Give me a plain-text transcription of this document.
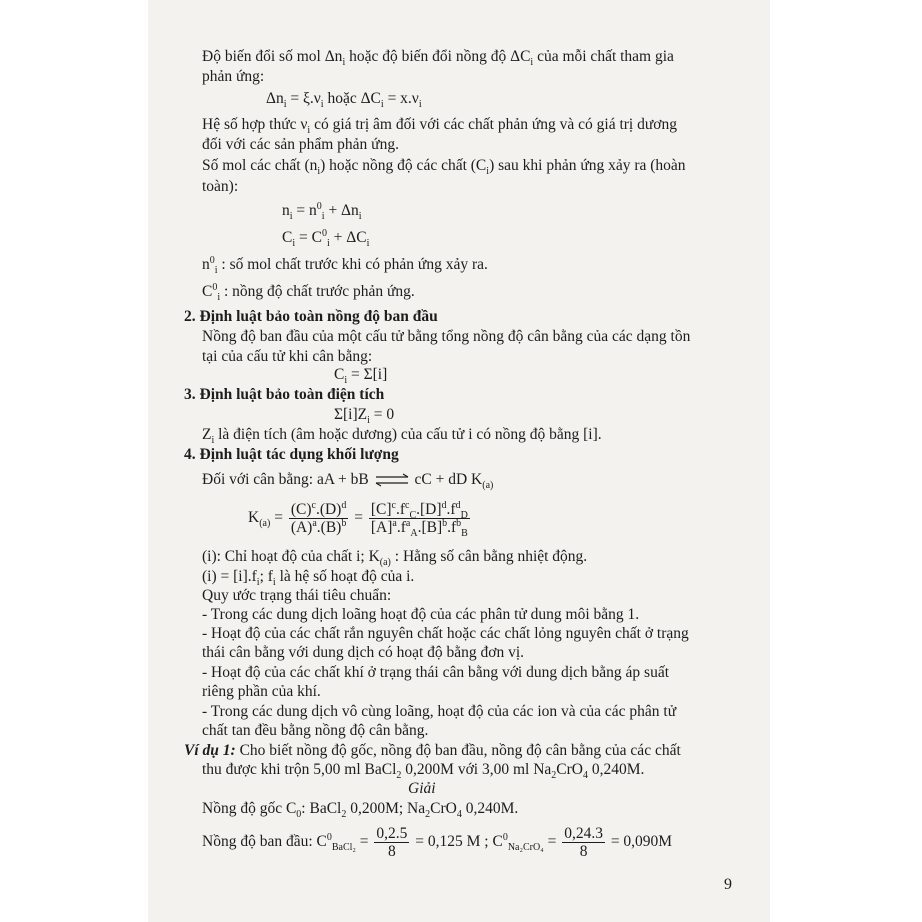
Độ biến đổi số mol $\Delta n_i$ hoặc độ biến đổi nồng độ $\Delta C_i$ của mỗi chất tham gia
phản ứng:
$\Delta n_i = \xi.\nu_i$ hoặc $\Delta C_i = x.\nu_i$
Hệ số hợp thức $\nu_i$ có giá trị âm đối với các chất phản ứng và có giá trị dương
đối với các sản phẩm phản ứng.
Số mol các chất $(n_i)$ hoặc nồng độ các chất $(C_i)$ sau khi phản ứng xảy ra (hoàn
toàn):
$n_i = n^0_i + \Delta n_i$
$C_i = C^0_i + \Delta C_i$
$n^0_i$ : số mol chất trước khi có phản ứng xảy ra.
$C^0_i$ : nồng độ chất trước phản ứng.
2. Định luật bảo toàn nồng độ ban đầu
Nồng độ ban đầu của một cấu tử bằng tổng nồng độ cân bằng của các dạng tồn
tại của cấu tử khi cân bằng:
$C_i = \Sigma[i]$
3. Định luật bảo toàn điện tích
$\Sigma[i]Z_i = 0$
$Z_i$ là điện tích (âm hoặc dương) của cấu tử i có nồng độ bằng [i].
4. Định luật tác dụng khối lượng
Đối với cân bằng: aA + bB ⇌ cC + dD $K_{(a)}$
$K_{(a)} = \frac{(C)^c.(D)^d}{(A)^a.(B)^b} = \frac{[C]^c.f^c_C.[D]^d.f^d_D}{[A]^a.f^a_A.[B]^b.f^b_B}$
(i): Chỉ hoạt độ của chất i; $K_{(a)}$ : Hằng số cân bằng nhiệt động.
$(i) = [i].f_i$; $f_i$ là hệ số hoạt độ của i.
Quy ước trạng thái tiêu chuẩn:
- Trong các dung dịch loãng hoạt độ của các phân tử dung môi bằng 1.
- Hoạt độ của các chất rắn nguyên chất hoặc các chất lỏng nguyên chất ở trạng
thái cân bằng với dung dịch có hoạt độ bằng đơn vị.
- Hoạt độ của các chất khí ở trạng thái cân bằng với dung dịch bằng áp suất
riêng phần của khí.
- Trong các dung dịch vô cùng loãng, hoạt độ của các ion và của các phân tử
chất tan đều bằng nồng độ cân bằng.
Ví dụ 1: Cho biết nồng độ gốc, nồng độ ban đầu, nồng độ cân bằng của các chất
thu được khi trộn 5,00 ml BaCl$_2$ 0,200M với 3,00 ml $Na_2CrO_4$ 0,240M.
Giải
Nồng độ gốc $C_0$: BaCl$_2$ 0,200M; $Na_2CrO_4$ 0,240M.
Nồng độ ban đầu: $C^0_{BaCl_2} = \frac{0,2.5}{8} = 0,125$ M ; $C^0_{Na_2CrO_4} = \frac{0,24.3}{8} = 0,090M$
9
